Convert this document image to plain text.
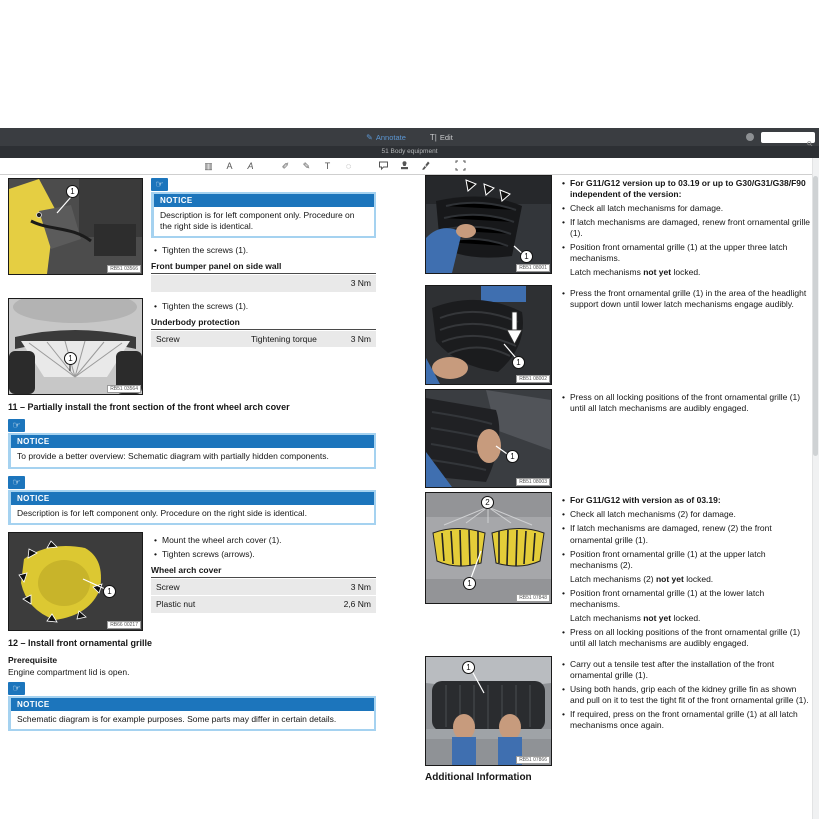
✎ Annotate	T| Edit
51 Body equipment
▥	A	A	✐ ✎	T	◌
1
RB51 03566
☞
NOTICE
Description is for left component only. Procedure on the right side is identical.
• Tighten the screws (1).
Front bumper panel on side wall
3 Nm
1
RB51 03564
• Tighten the screws (1).
Underbody protection
Screw	Tightening torque	3 Nm
11 – Partially install the front section of the front wheel arch cover
☞
NOTICE
To provide a better overview: Schematic diagram with partially hidden components.
☞
NOTICE
Description is for left component only. Procedure on the right side is identical.
1
RB66 00217
• Mount the wheel arch cover (1).
• Tighten screws (arrows).
Wheel arch cover
Screw	3 Nm
Plastic nut	2,6 Nm
12 – Install front ornamental grille
Prerequisite
Engine compartment lid is open.
☞
NOTICE
Schematic diagram is for example purposes. Some parts may differ in certain details.
1
RB51 08001
• For G11/G12 version up to 03.19 or up to G30/G31/G38/F90 independent of the version:
• Check all latch mechanisms for damage.
• If latch mechanisms are damaged, renew front ornamental grille (1).
• Position front ornamental grille (1) at the upper three latch mechanisms.
Latch mechanisms not yet locked.
1
RB51 08002
• Press the front ornamental grille (1) in the area of the headlight support down until lower latch mechanisms engage audibly.
1
RB51 08003
• Press on all locking positions of the front ornamental grille (1) until all latch mechanisms are audibly engaged.
2
1
RB51 07848
• For G11/G12 with version as of 03.19:
• Check all latch mechanisms (2) for damage.
• If latch mechanisms are damaged, renew (2) the front ornamental grille (1).
• Position front ornamental grille (1) at the upper latch mechanisms (2).
Latch mechanisms (2) not yet locked.
• Position front ornamental grille (1) at the lower latch mechanisms.
Latch mechanisms not yet locked.
• Press on all locking positions of the front ornamental grille (1) until all latch mechanisms are audibly engaged.
1
RB51 07866
• Carry out a tensile test after the installation of the front ornamental grille (1).
• Using both hands, grip each of the kidney grille fin as shown and pull on it to test the tight fit of the front ornamental grille (1).
• If required, press on the front ornamental grille (1) at all latch mechanisms once again.
Additional Information
